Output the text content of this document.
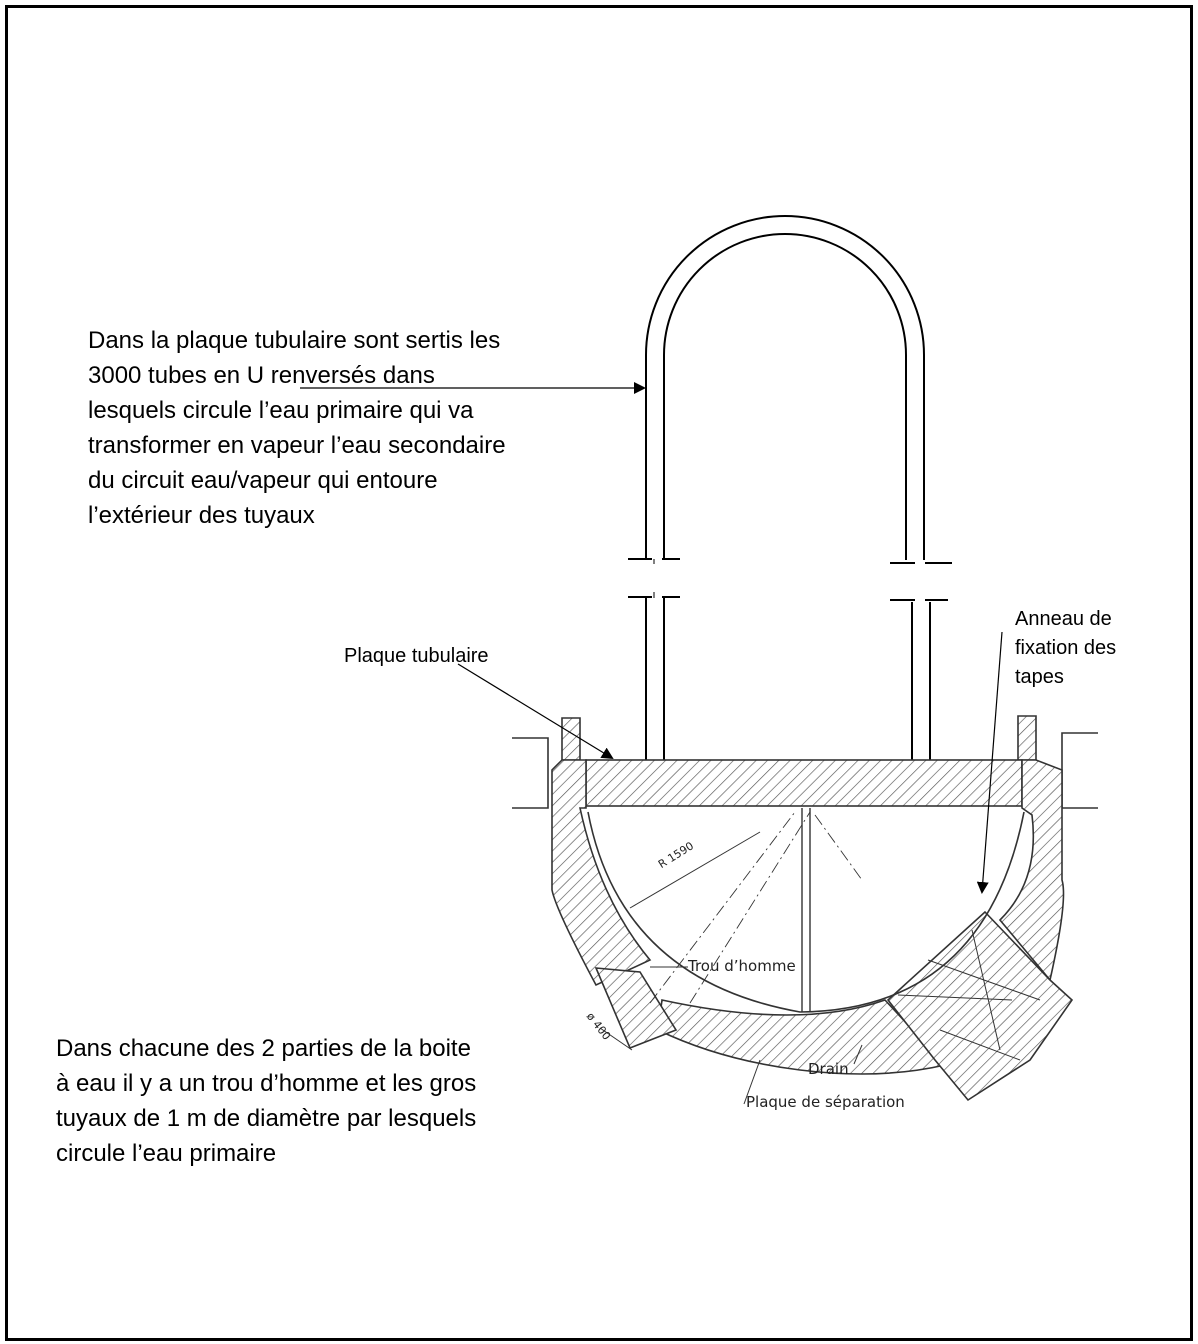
Dans la plaque tubulaire sont sertis les
3000 tubes en U renversés dans
lesquels circule l’eau primaire qui va
transformer en vapeur l’eau secondaire
du circuit eau/vapeur qui entoure
l’extérieur des tuyaux

Dans chacune des 2 parties de la boite
à eau il y a un trou d’homme et les gros
tuyaux de 1 m de diamètre par lesquels
circule l’eau primaire

Plaque tubulaire

Anneau de
fixation des
tapes

Trou d’homme
Drain
Plaque de séparation
R 1590
ø 400
